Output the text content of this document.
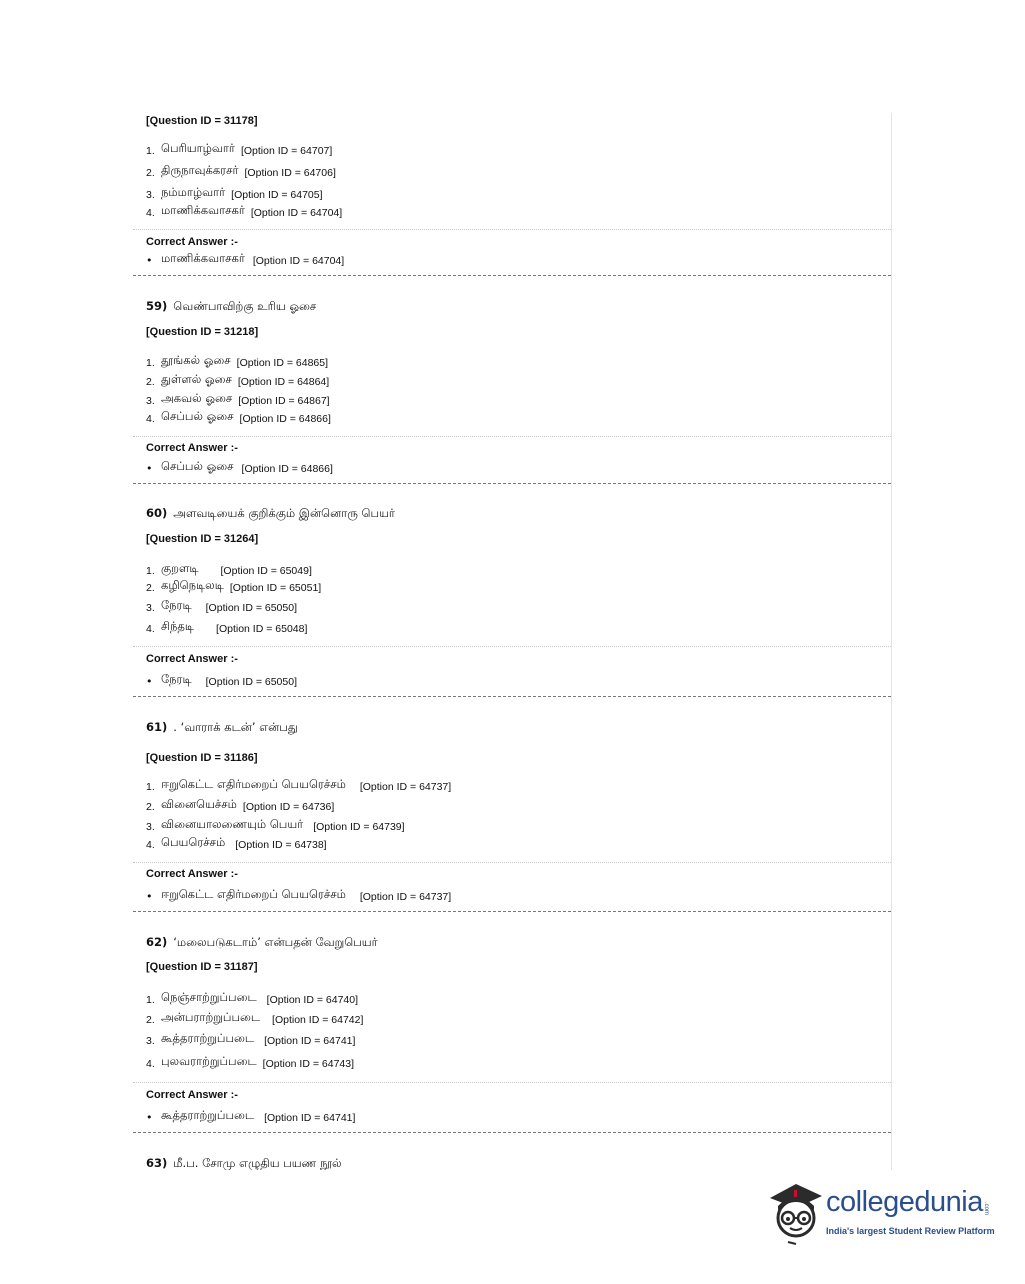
[Question ID = 31178]
1. பெரியாழ்வார் [Option ID = 64707]
2. திருநாவுக்கரசர் [Option ID = 64706]
3. நம்மாழ்வார் [Option ID = 64705]
4. மாணிக்கவாசகர் [Option ID = 64704]
Correct Answer :-
• மாணிக்கவாசகர் [Option ID = 64704]
59) வெண்பாவிற்கு உரிய ஓசை
[Question ID = 31218]
1. தூங்கல் ஓசை [Option ID = 64865]
2. துள்ளல் ஓசை [Option ID = 64864]
3. அகவல் ஓசை [Option ID = 64867]
4. செப்பல் ஓசை [Option ID = 64866]
Correct Answer :-
• செப்பல் ஓசை [Option ID = 64866]
60) அளவடியைக் குறிக்கும் இன்னொரு பெயர்
[Question ID = 31264]
1. குறளடி [Option ID = 65049]
2. கழிநெடிலடி [Option ID = 65051]
3. நேரடி [Option ID = 65050]
4. சிந்தடி [Option ID = 65048]
Correct Answer :-
• நேரடி [Option ID = 65050]
61) . ‘வாராக் கடன்’ என்பது
[Question ID = 31186]
1. ஈறுகெட்ட எதிர்மறைப் பெயரெச்சம் [Option ID = 64737]
2. வினையெச்சம் [Option ID = 64736]
3. வினையாலணையும் பெயர் [Option ID = 64739]
4. பெயரெச்சம் [Option ID = 64738]
Correct Answer :-
• ஈறுகெட்ட எதிர்மறைப் பெயரெச்சம் [Option ID = 64737]
62) ‘மலைபடுகடாம்’ என்பதன் வேறுபெயர்
[Question ID = 31187]
1. நெஞ்சாற்றுப்படை [Option ID = 64740]
2. அன்பராற்றுப்படை [Option ID = 64742]
3. கூத்தராற்றுப்படை [Option ID = 64741]
4. புலவராற்றுப்படை [Option ID = 64743]
Correct Answer :-
• கூத்தராற்றுப்படை [Option ID = 64741]
63) மீ.ப. சோமு எழுதிய பயண நூல்
collegedunia .com
India's largest Student Review Platform
